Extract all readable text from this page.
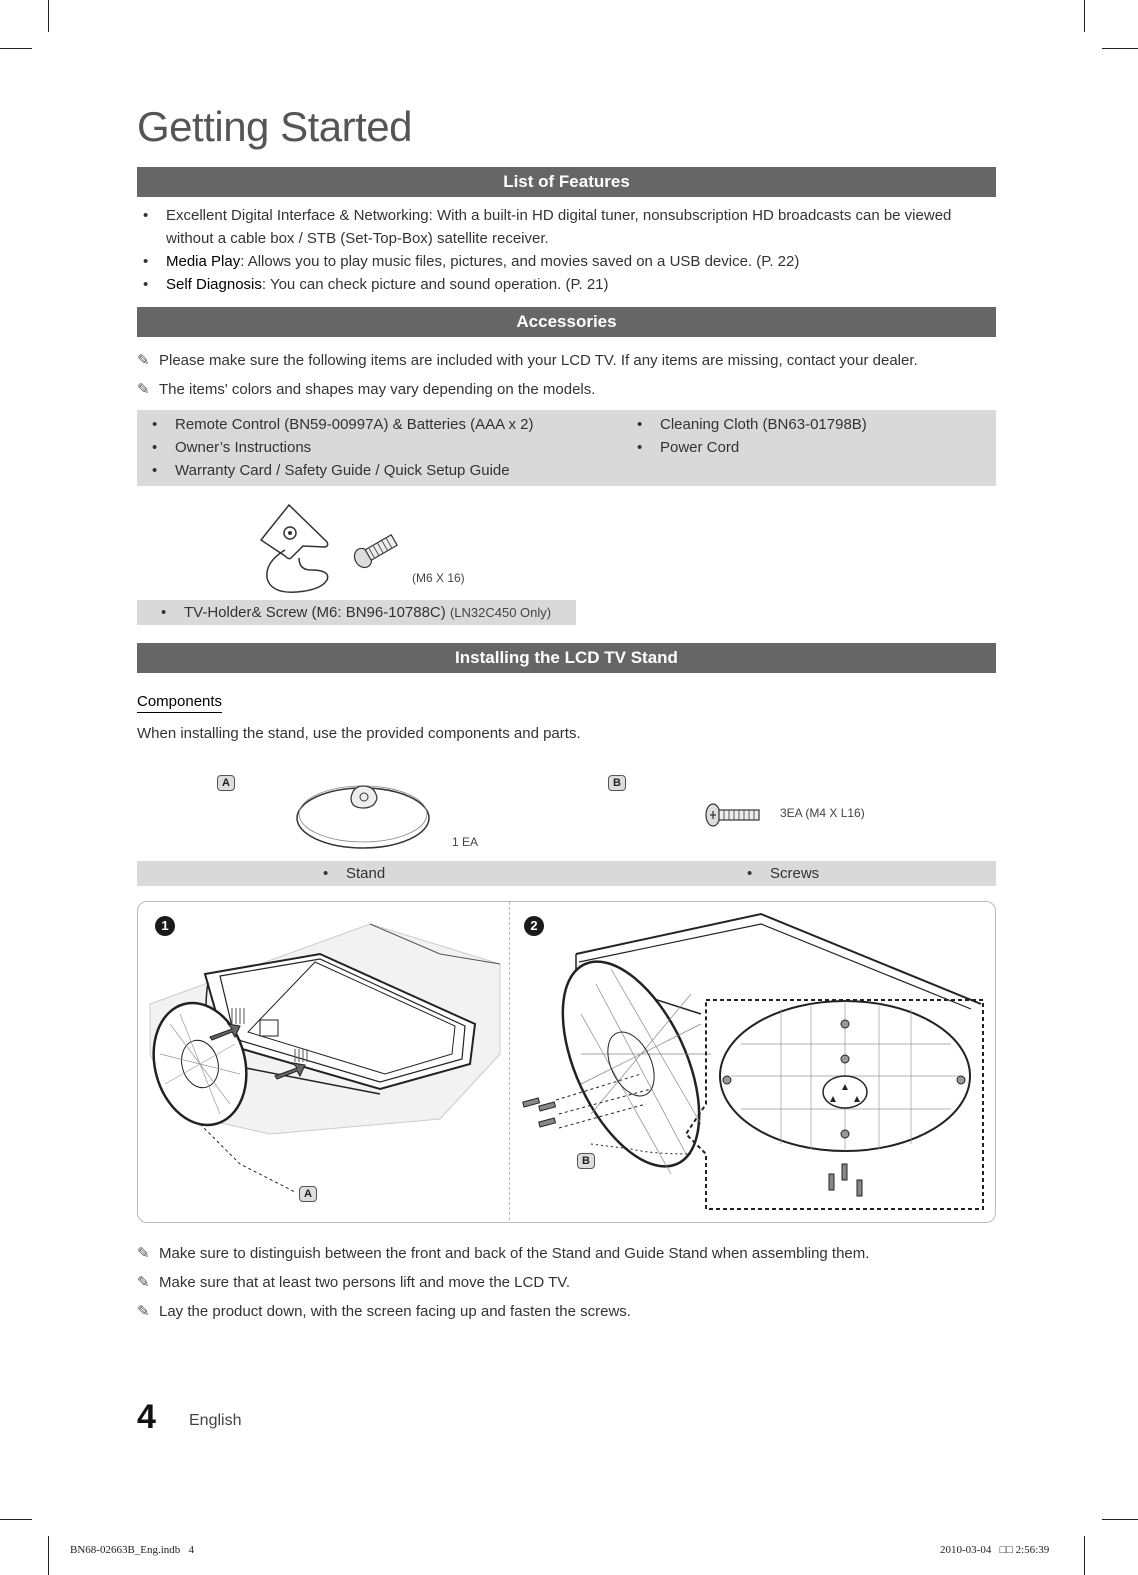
Getting Started
List of Features
• Excellent Digital Interface & Networking: With a built-in HD digital tuner, nonsubscription HD broadcasts can be viewed without a cable box / STB (Set-Top-Box) satellite receiver.
• Media Play: Allows you to play music files, pictures, and movies saved on a USB device. (P. 22)
• Self Diagnosis: You can check picture and sound operation. (P. 21)
Accessories
✎ Please make sure the following items are included with your LCD TV. If any items are missing, contact your dealer.
✎ The items' colors and shapes may vary depending on the models.
• Remote Control (BN59-00997A) & Batteries (AAA x 2)
• Owner’s Instructions
• Warranty Card / Safety Guide / Quick Setup Guide
• Cleaning Cloth (BN63-01798B)
• Power Cord
(M6 X 16)
• TV-Holder& Screw (M6: BN96-10788C) (LN32C450 Only)
Installing the LCD TV Stand
Components
When installing the stand, use the provided components and parts.
A
1 EA
B
3EA (M4 X L16)
• Stand
•	Screws
1	2
A
B
✎ Make sure to distinguish between the front and back of the Stand and Guide Stand when assembling them.
✎ Make sure that at least two persons lift and move the LCD TV.
✎ Lay the product down, with the screen facing up and fasten the screws.
4 English
BN68-02663B_Eng.indb   4	2010-03-04   □□ 2:56:39
